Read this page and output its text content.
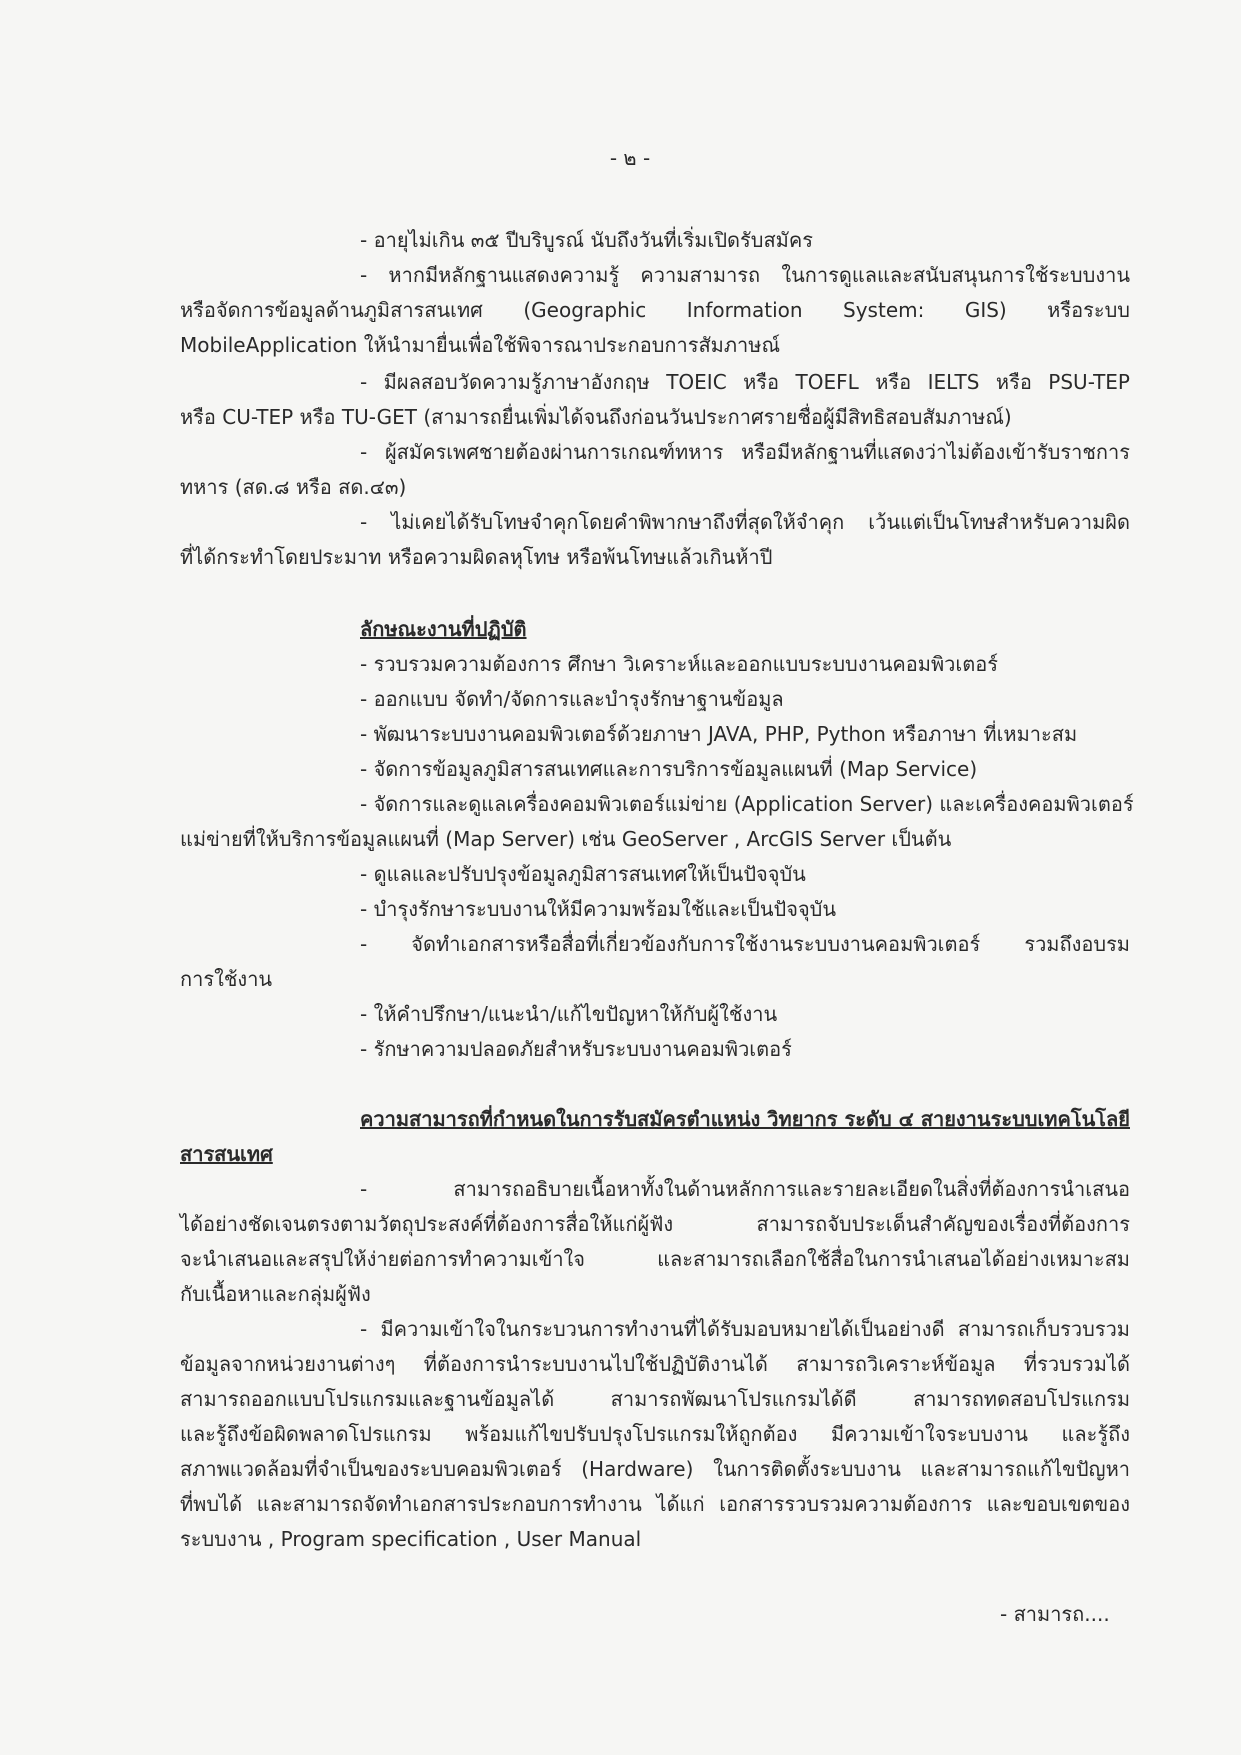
- ๒ -
- อายุไม่เกิน ๓๕ ปีบริบูรณ์ นับถึงวันที่เริ่มเปิดรับสมัคร
- หากมีหลักฐานแสดงความรู้ ความสามารถ ในการดูแลและสนับสนุนการใช้ระบบงาน
หรือจัดการข้อมูลด้านภูมิสารสนเทศ (Geographic Information System: GIS) หรือระบบ
MobileApplication ให้นำมายื่นเพื่อใช้พิจารณาประกอบการสัมภาษณ์
- มีผลสอบวัดความรู้ภาษาอังกฤษ TOEIC หรือ TOEFL หรือ IELTS หรือ PSU-TEP
หรือ CU-TEP หรือ TU-GET (สามารถยื่นเพิ่มได้จนถึงก่อนวันประกาศรายชื่อผู้มีสิทธิสอบสัมภาษณ์)
- ผู้สมัครเพศชายต้องผ่านการเกณฑ์ทหาร หรือมีหลักฐานที่แสดงว่าไม่ต้องเข้ารับราชการ
ทหาร (สด.๘ หรือ สด.๔๓)
- ไม่เคยได้รับโทษจำคุกโดยคำพิพากษาถึงที่สุดให้จำคุก เว้นแต่เป็นโทษสำหรับความผิด
ที่ได้กระทำโดยประมาท หรือความผิดลหุโทษ หรือพ้นโทษแล้วเกินห้าปี
ลักษณะงานที่ปฏิบัติ
- รวบรวมความต้องการ ศึกษา วิเคราะห์และออกแบบระบบงานคอมพิวเตอร์
- ออกแบบ จัดทำ/จัดการและบำรุงรักษาฐานข้อมูล
- พัฒนาระบบงานคอมพิวเตอร์ด้วยภาษา JAVA, PHP, Python หรือภาษา ที่เหมาะสม
- จัดการข้อมูลภูมิสารสนเทศและการบริการข้อมูลแผนที่ (Map Service)
- จัดการและดูแลเครื่องคอมพิวเตอร์แม่ข่าย (Application Server) และเครื่องคอมพิวเตอร์
แม่ข่ายที่ให้บริการข้อมูลแผนที่ (Map Server) เช่น GeoServer , ArcGIS Server เป็นต้น
- ดูแลและปรับปรุงข้อมูลภูมิสารสนเทศให้เป็นปัจจุบัน
- บำรุงรักษาระบบงานให้มีความพร้อมใช้และเป็นปัจจุบัน
- จัดทำเอกสารหรือสื่อที่เกี่ยวข้องกับการใช้งานระบบงานคอมพิวเตอร์ รวมถึงอบรม
การใช้งาน
- ให้คำปรึกษา/แนะนำ/แก้ไขปัญหาให้กับผู้ใช้งาน
- รักษาความปลอดภัยสำหรับระบบงานคอมพิวเตอร์
ความสามารถที่กำหนดในการรับสมัครตำแหน่ง วิทยากร ระดับ ๔ สายงานระบบเทคโนโลยี
สารสนเทศ
- สามารถอธิบายเนื้อหาทั้งในด้านหลักการและรายละเอียดในสิ่งที่ต้องการนำเสนอ
ได้อย่างชัดเจนตรงตามวัตถุประสงค์ที่ต้องการสื่อให้แก่ผู้ฟัง สามารถจับประเด็นสำคัญของเรื่องที่ต้องการ
จะนำเสนอและสรุปให้ง่ายต่อการทำความเข้าใจ และสามารถเลือกใช้สื่อในการนำเสนอได้อย่างเหมาะสม
กับเนื้อหาและกลุ่มผู้ฟัง
- มีความเข้าใจในกระบวนการทำงานที่ได้รับมอบหมายได้เป็นอย่างดี สามารถเก็บรวบรวม
ข้อมูลจากหน่วยงานต่างๆ ที่ต้องการนำระบบงานไปใช้ปฏิบัติงานได้ สามารถวิเคราะห์ข้อมูล ที่รวบรวมได้
สามารถออกแบบโปรแกรมและฐานข้อมูลได้ สามารถพัฒนาโปรแกรมได้ดี สามารถทดสอบโปรแกรม
และรู้ถึงข้อผิดพลาดโปรแกรม พร้อมแก้ไขปรับปรุงโปรแกรมให้ถูกต้อง มีความเข้าใจระบบงาน และรู้ถึง
สภาพแวดล้อมที่จำเป็นของระบบคอมพิวเตอร์ (Hardware) ในการติดตั้งระบบงาน และสามารถแก้ไขปัญหา
ที่พบได้ และสามารถจัดทำเอกสารประกอบการทำงาน ได้แก่ เอกสารรวบรวมความต้องการ และขอบเขตของ
ระบบงาน , Program specification , User Manual
- สามารถ....
